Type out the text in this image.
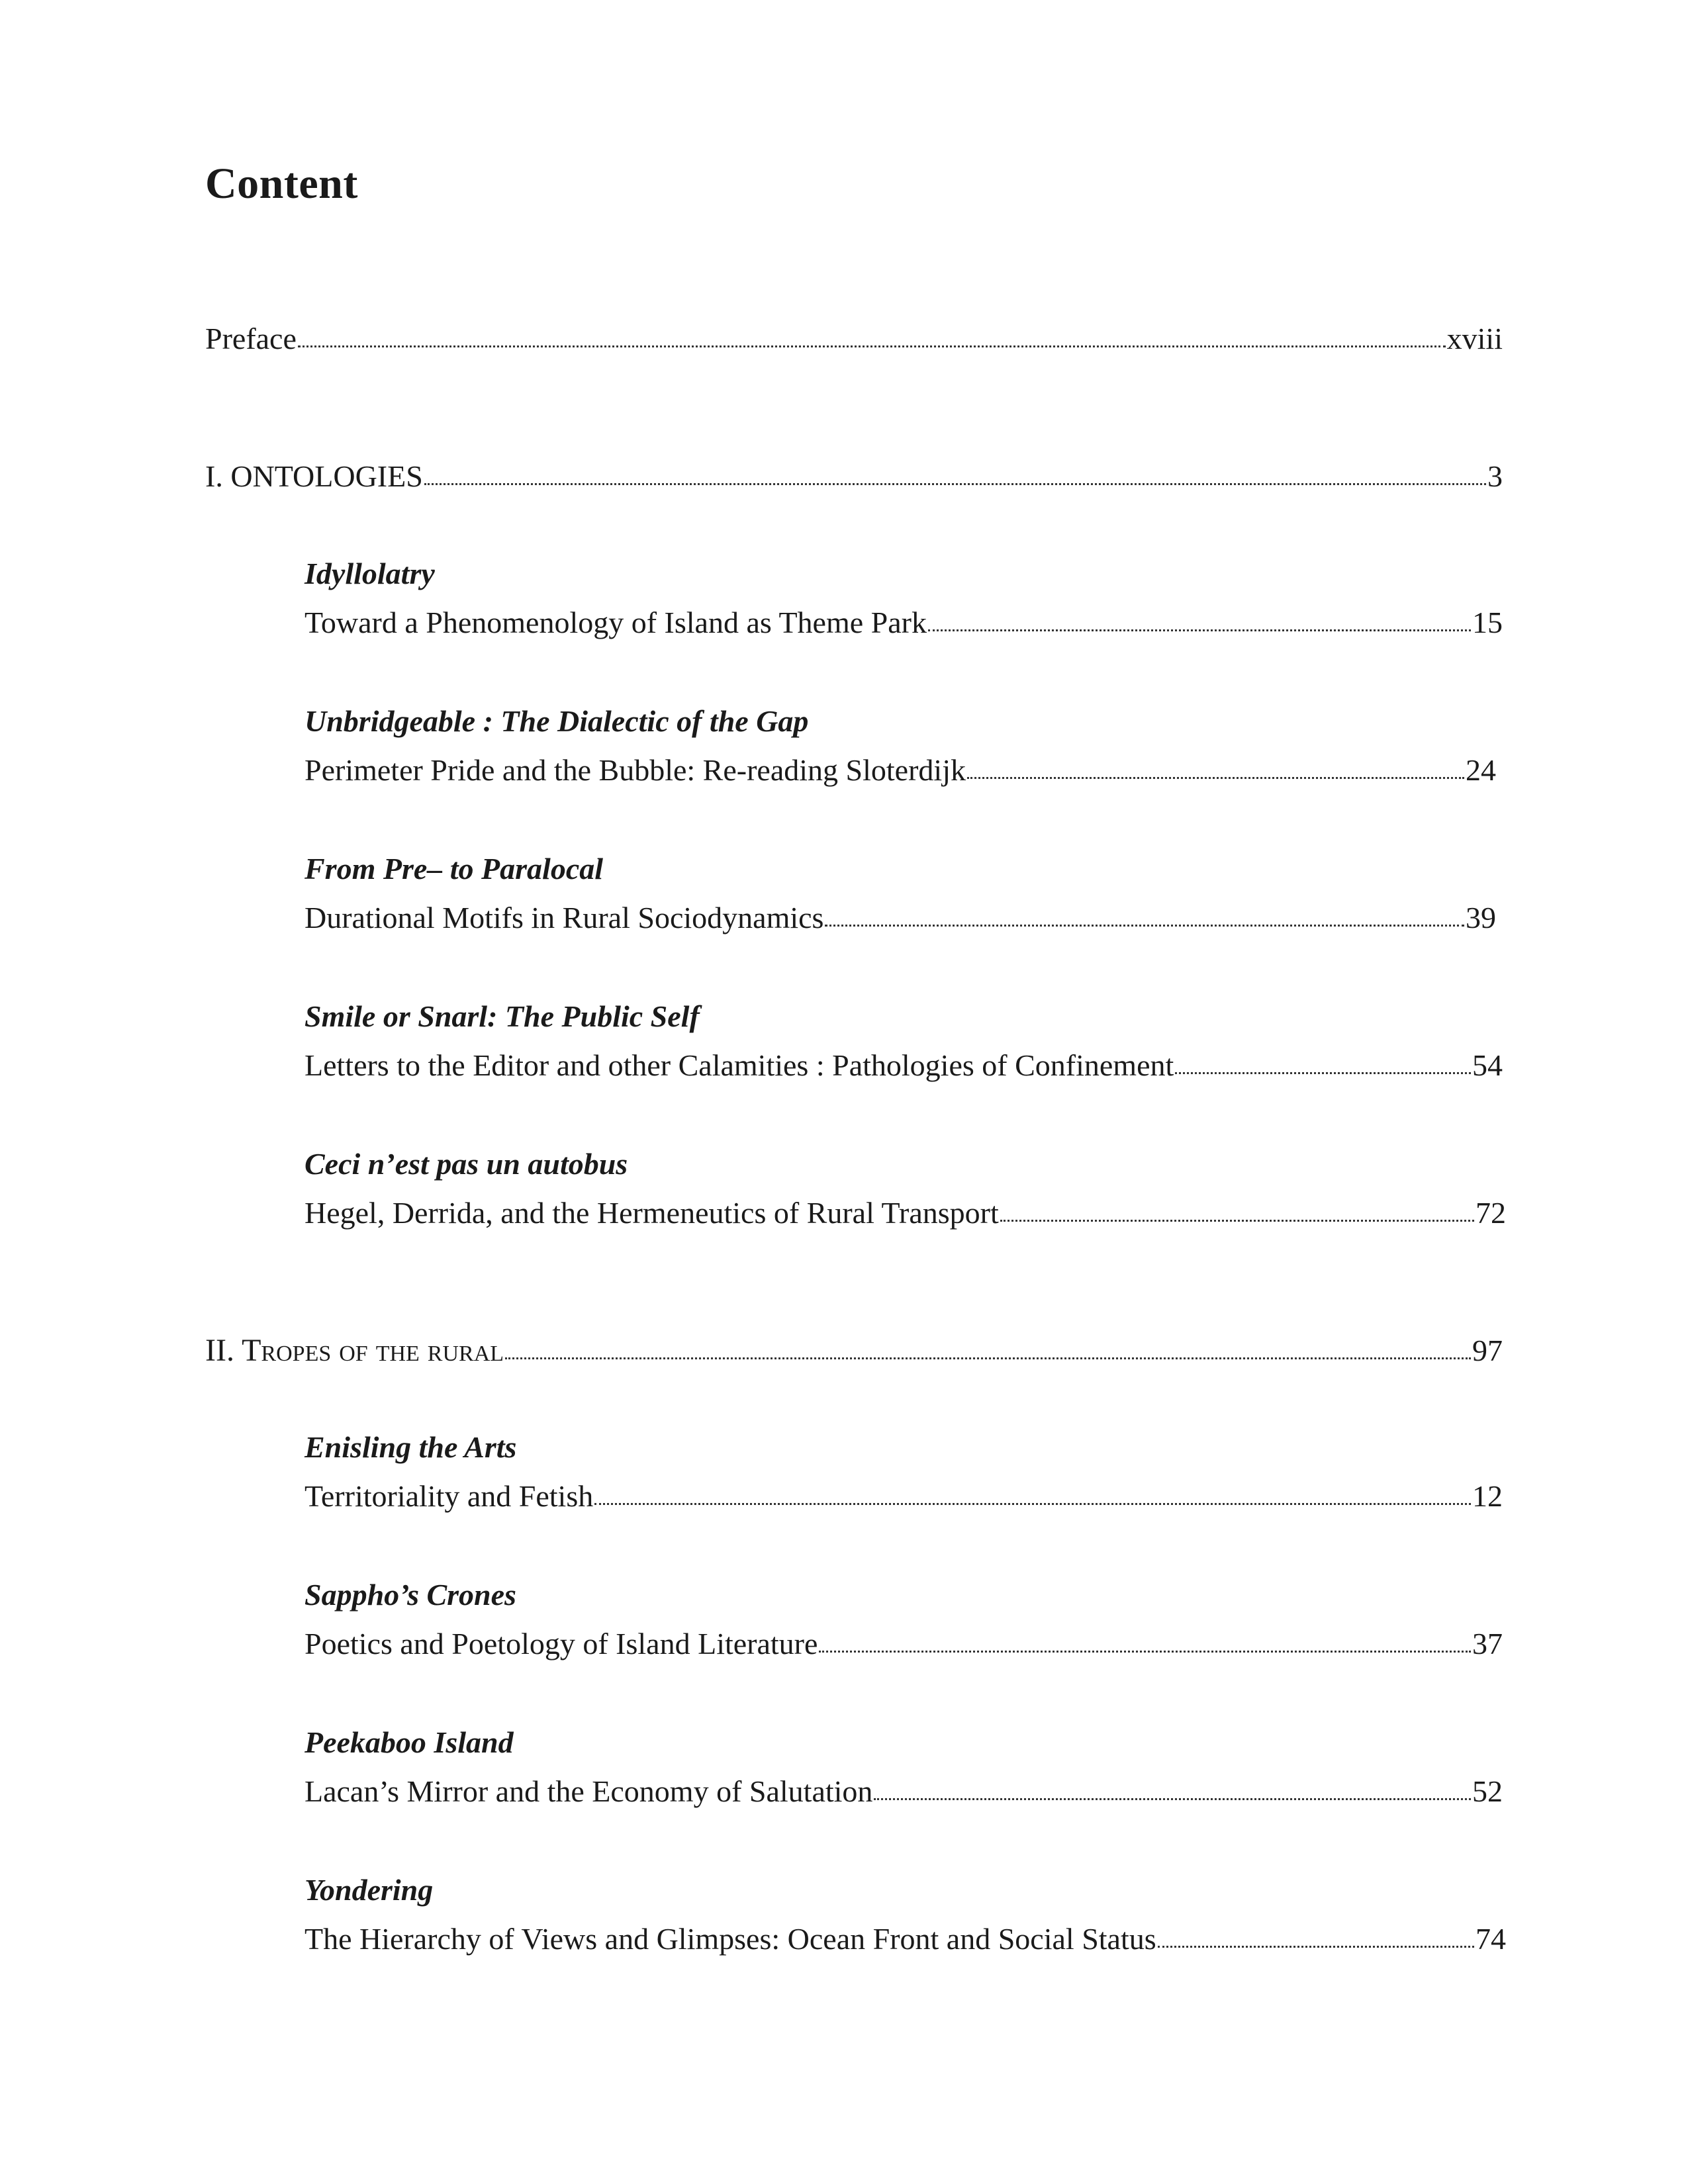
Content
Preface	xviii
I. ONTOLOGIES	3
Idyllolatry
Toward a Phenomenology of Island as Theme Park	15
Unbridgeable : The Dialectic of the Gap
Perimeter Pride and the Bubble: Re-reading Sloterdijk	24
From Pre– to Paralocal
Durational Motifs in Rural Sociodynamics	39
Smile or Snarl: The Public Self
Letters to the Editor and other Calamities : Pathologies of Confinement	54
Ceci n’est pas un autobus
Hegel, Derrida, and the Hermeneutics of Rural Transport	72
II. Tropes of the rural	97
Enisling the Arts
Territoriality and Fetish	12
Sappho’s Crones
Poetics and Poetology of Island Literature	37
Peekaboo Island
Lacan’s Mirror and the Economy of Salutation	52
Yondering
The Hierarchy of Views and Glimpses: Ocean Front and Social Status	74
